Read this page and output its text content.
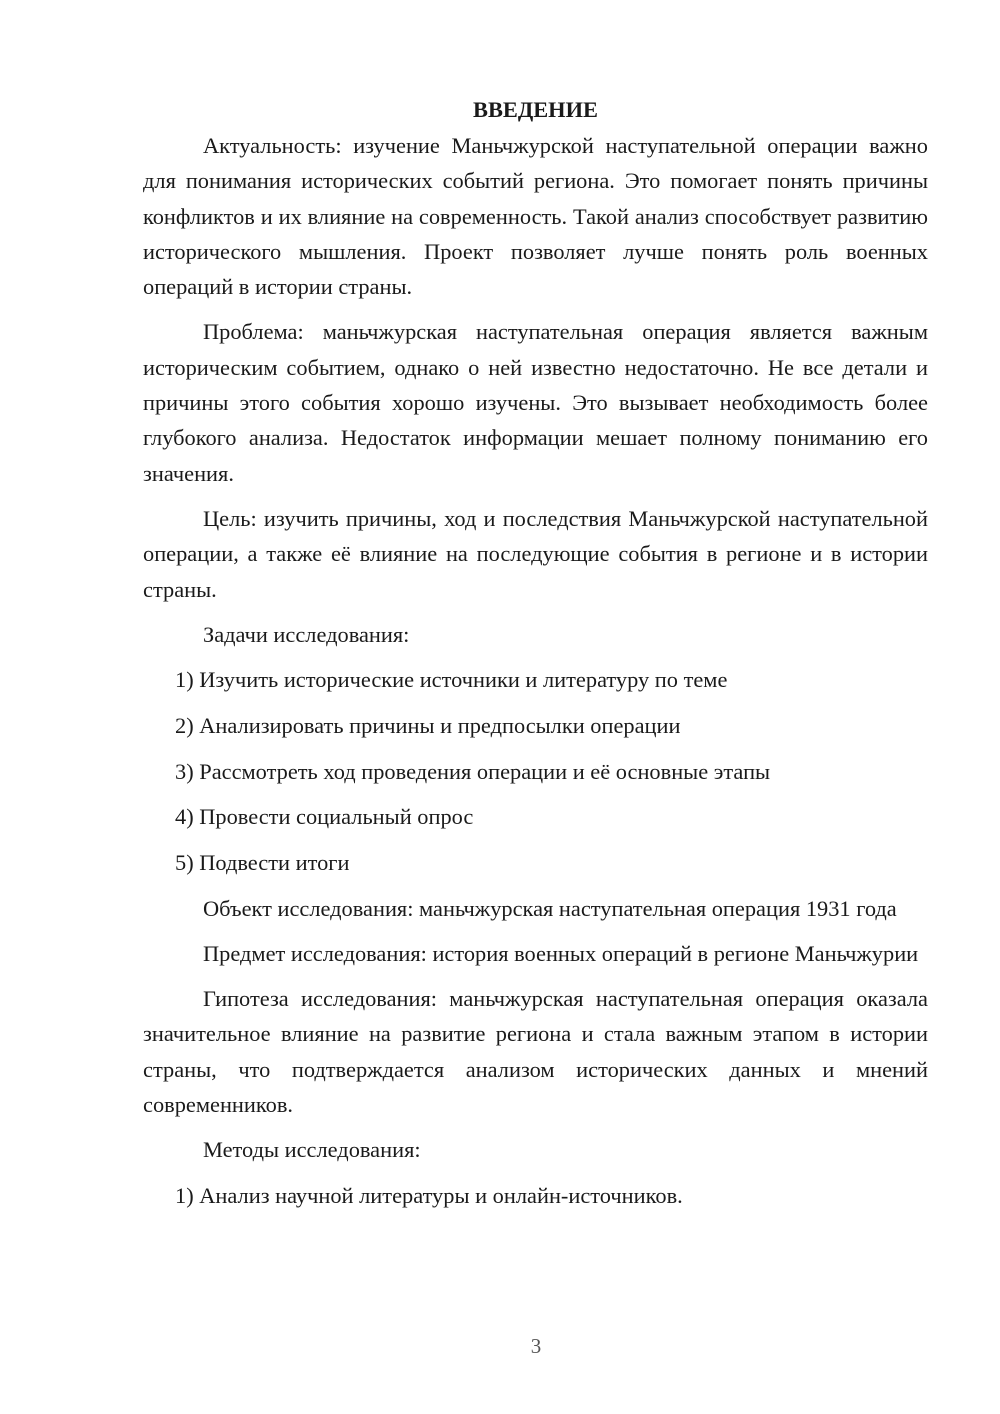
ВВЕДЕНИЕ

Актуальность: изучение Маньчжурской наступательной операции важно для понимания исторических событий региона. Это помогает понять причины конфликтов и их влияние на современность. Такой анализ способствует развитию исторического мышления. Проект позволяет лучше понять роль военных операций в истории страны.

Проблема: маньчжурская наступательная операция является важным историческим событием, однако о ней известно недостаточно. Не все детали и причины этого события хорошо изучены. Это вызывает необходимость более глубокого анализа. Недостаток информации мешает полному пониманию его значения.

Цель: изучить причины, ход и последствия Маньчжурской наступательной операции, а также её влияние на последующие события в регионе и в истории страны.

Задачи исследования:

1) Изучить исторические источники и литературу по теме
2) Анализировать причины и предпосылки операции
3) Рассмотреть ход проведения операции и её основные этапы
4) Провести социальный опрос
5) Подвести итоги

Объект исследования: маньчжурская наступательная операция 1931 года

Предмет исследования: история военных операций в регионе Маньчжурии

Гипотеза исследования: маньчжурская наступательная операция оказала значительное влияние на развитие региона и стала важным этапом в истории страны, что подтверждается анализом исторических данных и мнений современников.

Методы исследования:

1) Анализ научной литературы и онлайн-источников.
3
